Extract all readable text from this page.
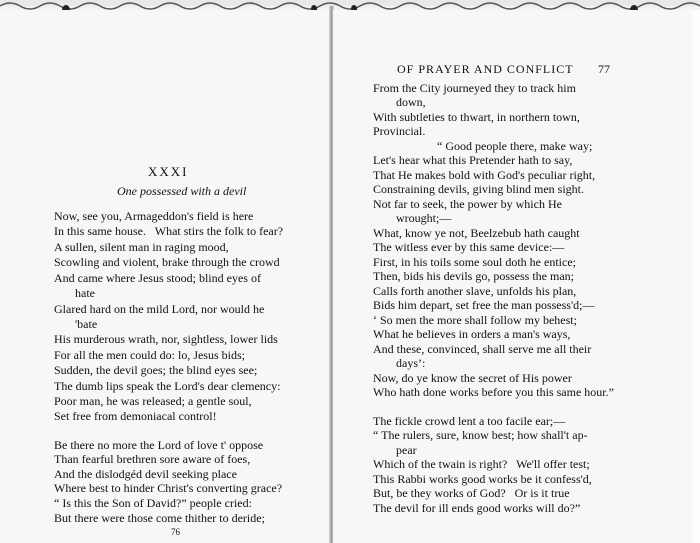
XXXI
One possessed with a devil
Now, see you, Armageddon's field is here
In this same house.   What stirs the folk to fear?
A sullen, silent man in raging mood,
Scowling and violent, brake through the crowd
And came where Jesus stood; blind eyes of
hate
Glared hard on the mild Lord, nor would he
'bate
His murderous wrath, nor, sightless, lower lids
For all the men could do: lo, Jesus bids;
Sudden, the devil goes; the blind eyes see;
The dumb lips speak the Lord's dear clemency:
Poor man, he was released; a gentle soul,
Set free from demoniacal control!
Be there no more the Lord of love t' oppose
Than fearful brethren sore aware of foes,
And the dislodgéd devil seeking place
Where best to hinder Christ's converting grace?
“ Is this the Son of David?” people cried:
But there were those come thither to deride;
76
OF PRAYER AND CONFLICT 77
From the City journeyed they to track him
down,
With subtleties to thwart, in northern town,
Provincial.
“ Good people there, make way;
Let's hear what this Pretender hath to say,
That He makes bold with God's peculiar right,
Constraining devils, giving blind men sight.
Not far to seek, the power by which He
wrought;—
What, know ye not, Beelzebub hath caught
The witless ever by this same device:—
First, in his toils some soul doth he entice;
Then, bids his devils go, possess the man;
Calls forth another slave, unfolds his plan,
Bids him depart, set free the man possess'd;—
‘ So men the more shall follow my behest;
What he believes in orders a man's ways,
And these, convinced, shall serve me all their
days’:
Now, do ye know the secret of His power
Who hath done works before you this same hour.”
The fickle crowd lent a too facile ear;—
“ The rulers, sure, know best; how shall't ap-
pear
Which of the twain is right?   We'll offer test;
This Rabbi works good works be it confess'd,
But, be they works of God?   Or is it true
The devil for ill ends good works will do?”
